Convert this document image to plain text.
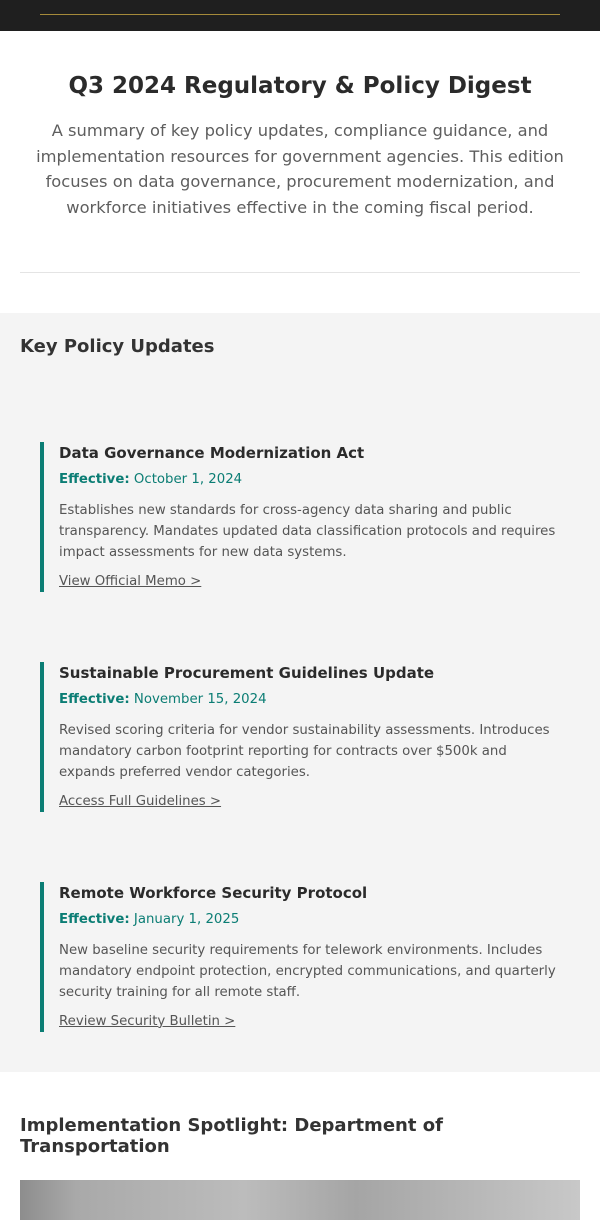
Q3 2024 Regulatory & Policy Digest

A summary of key policy updates, compliance guidance, and implementation resources for government agencies. This edition focuses on data governance, procurement modernization, and workforce initiatives effective in the coming fiscal period.

Key Policy Updates
Data Governance Modernization Act
Effective: October 1, 2024

Establishes new standards for cross-agency data sharing and public transparency. Mandates updated data classification protocols and requires impact assessments for new data systems.

View Official Memo >
Sustainable Procurement Guidelines Update
Effective: November 15, 2024

Revised scoring criteria for vendor sustainability assessments. Introduces mandatory carbon footprint reporting for contracts over $500k and expands preferred vendor categories.

Access Full Guidelines >
Remote Workforce Security Protocol
Effective: January 1, 2025

New baseline security requirements for telework environments. Includes mandatory endpoint protection, encrypted communications, and quarterly security training for all remote staff.

Review Security Bulletin >
Implementation Spotlight: Department of Transportation
